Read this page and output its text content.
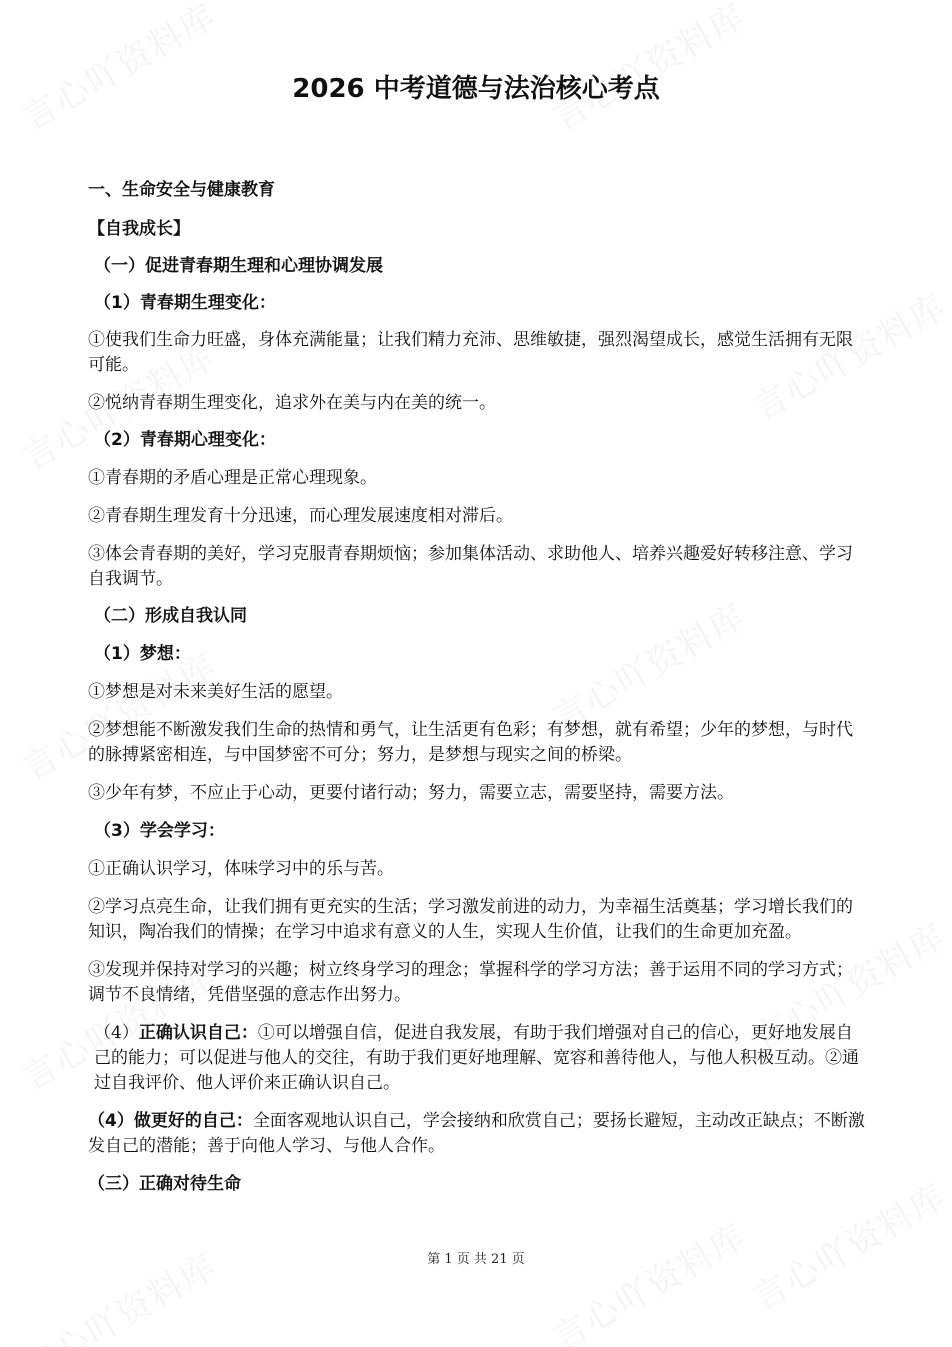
2026 中考道德与法治核心考点

一、生命安全与健康教育

【自我成长】

（一）促进青春期生理和心理协调发展

（1）青春期生理变化：

①使我们生命力旺盛，身体充满能量；让我们精力充沛、思维敏捷，强烈渴望成长，感觉生活拥有无限可能。

②悦纳青春期生理变化，追求外在美与内在美的统一。

（2）青春期心理变化：

①青春期的矛盾心理是正常心理现象。

②青春期生理发育十分迅速，而心理发展速度相对滞后。

③体会青春期的美好，学习克服青春期烦恼；参加集体活动、求助他人、培养兴趣爱好转移注意、学习自我调节。

（二）形成自我认同

（1）梦想：

①梦想是对未来美好生活的愿望。

②梦想能不断激发我们生命的热情和勇气，让生活更有色彩；有梦想，就有希望；少年的梦想，与时代的脉搏紧密相连，与中国梦密不可分；努力，是梦想与现实之间的桥梁。

③少年有梦，不应止于心动，更要付诸行动；努力，需要立志，需要坚持，需要方法。

（3）学会学习：

①正确认识学习，体味学习中的乐与苦。

②学习点亮生命，让我们拥有更充实的生活；学习激发前进的动力，为幸福生活奠基；学习增长我们的知识，陶冶我们的情操；在学习中追求有意义的人生，实现人生价值，让我们的生命更加充盈。

③发现并保持对学习的兴趣；树立终身学习的理念；掌握科学的学习方法；善于运用不同的学习方式；调节不良情绪，凭借坚强的意志作出努力。

（4）正确认识自己：①可以增强自信，促进自我发展，有助于我们增强对自己的信心，更好地发展自己的能力；可以促进与他人的交往，有助于我们更好地理解、宽容和善待他人，与他人积极互动。②通过自我评价、他人评价来正确认识自己。

（4）做更好的自己：全面客观地认识自己，学会接纳和欣赏自己；要扬长避短，主动改正缺点；不断激发自己的潜能；善于向他人学习、与他人合作。

（三）正确对待生命

第 1 页 共 21 页
